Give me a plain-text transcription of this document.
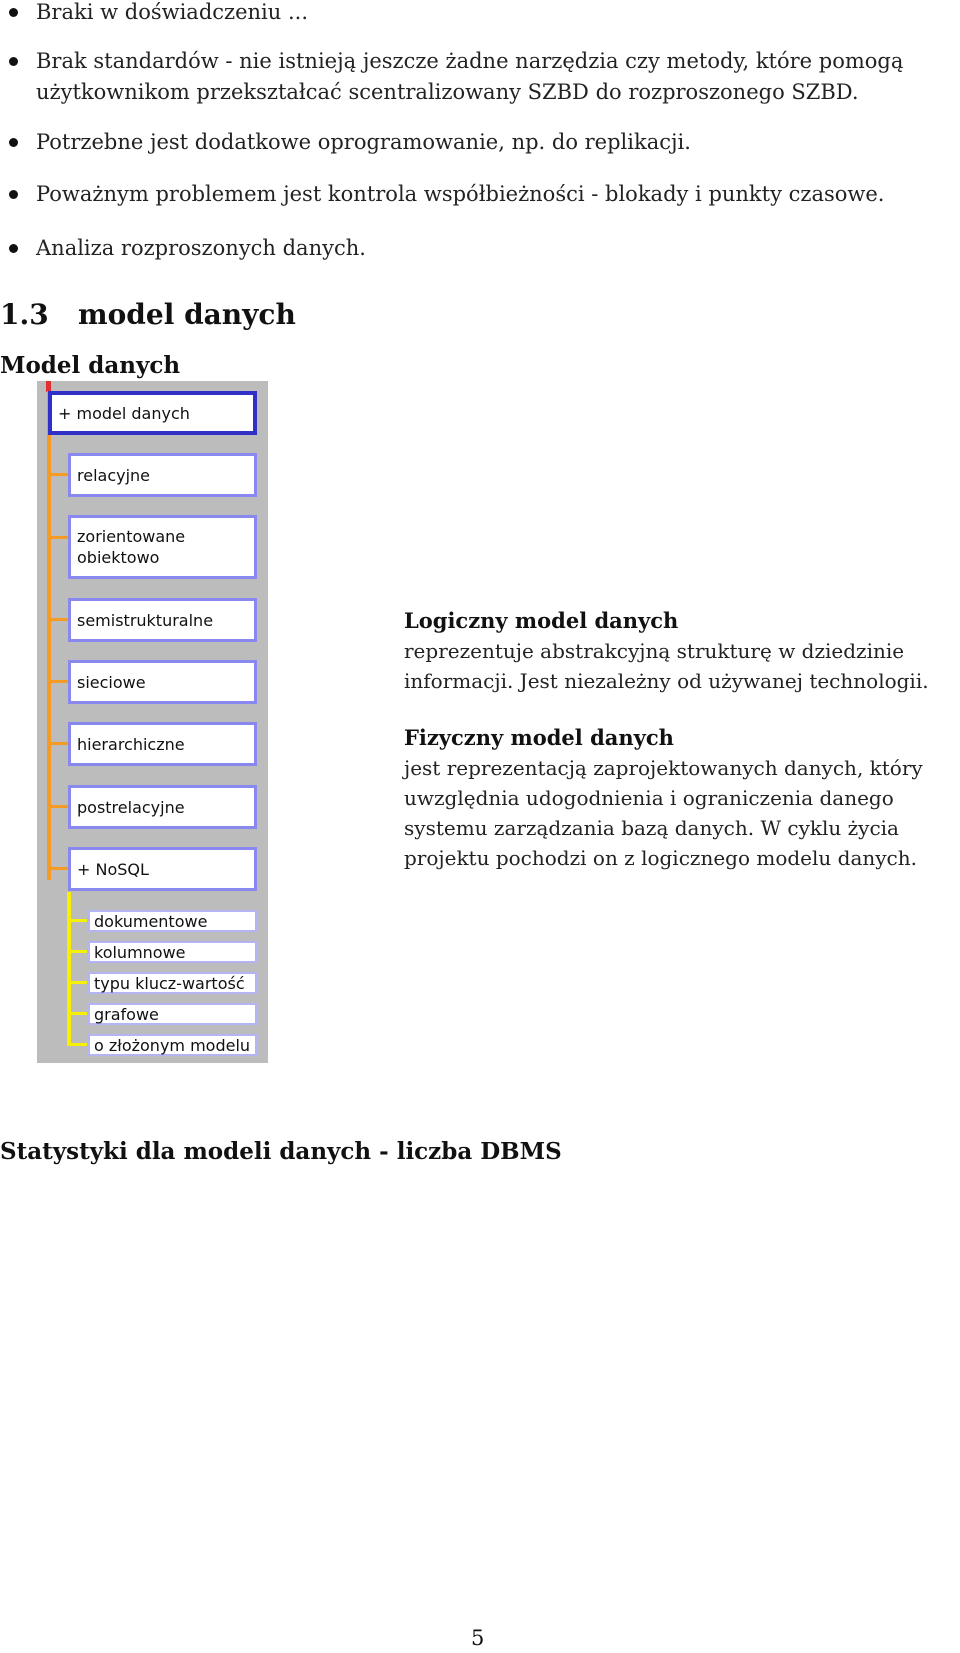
Braki w doświadczeniu ...
Brak standardów - nie istnieją jeszcze żadne narzędzia czy metody, które pomogą użytkownikom przekształcać scentralizowany SZBD do rozproszonego SZBD.
Potrzebne jest dodatkowe oprogramowanie, np. do replikacji.
Poważnym problemem jest kontrola współbieżności - blokady i punkty czasowe.
Analiza rozproszonych danych.
1.3 model danych
Model danych
+ model danych
relacyjne
zorientowane
obiektowo
semistrukturalne
sieciowe
hierarchiczne
postrelacyjne
+ NoSQL
dokumentowe
kolumnowe
typu klucz-wartość
grafowe
o złożonym modelu

Logiczny model danych

reprezentuje abstrakcyjną strukturę w dziedzinie informacji. Jest niezależny od używanej technologii.

Fizyczny model danych

jest reprezentacją zaprojektowanych danych, który uwzględnia udogodnienia i ograniczenia danego systemu zarządzania bazą danych. W cyklu życia projektu pochodzi on z logicznego modelu danych.

Statystyki dla modeli danych - liczba DBMS
5
